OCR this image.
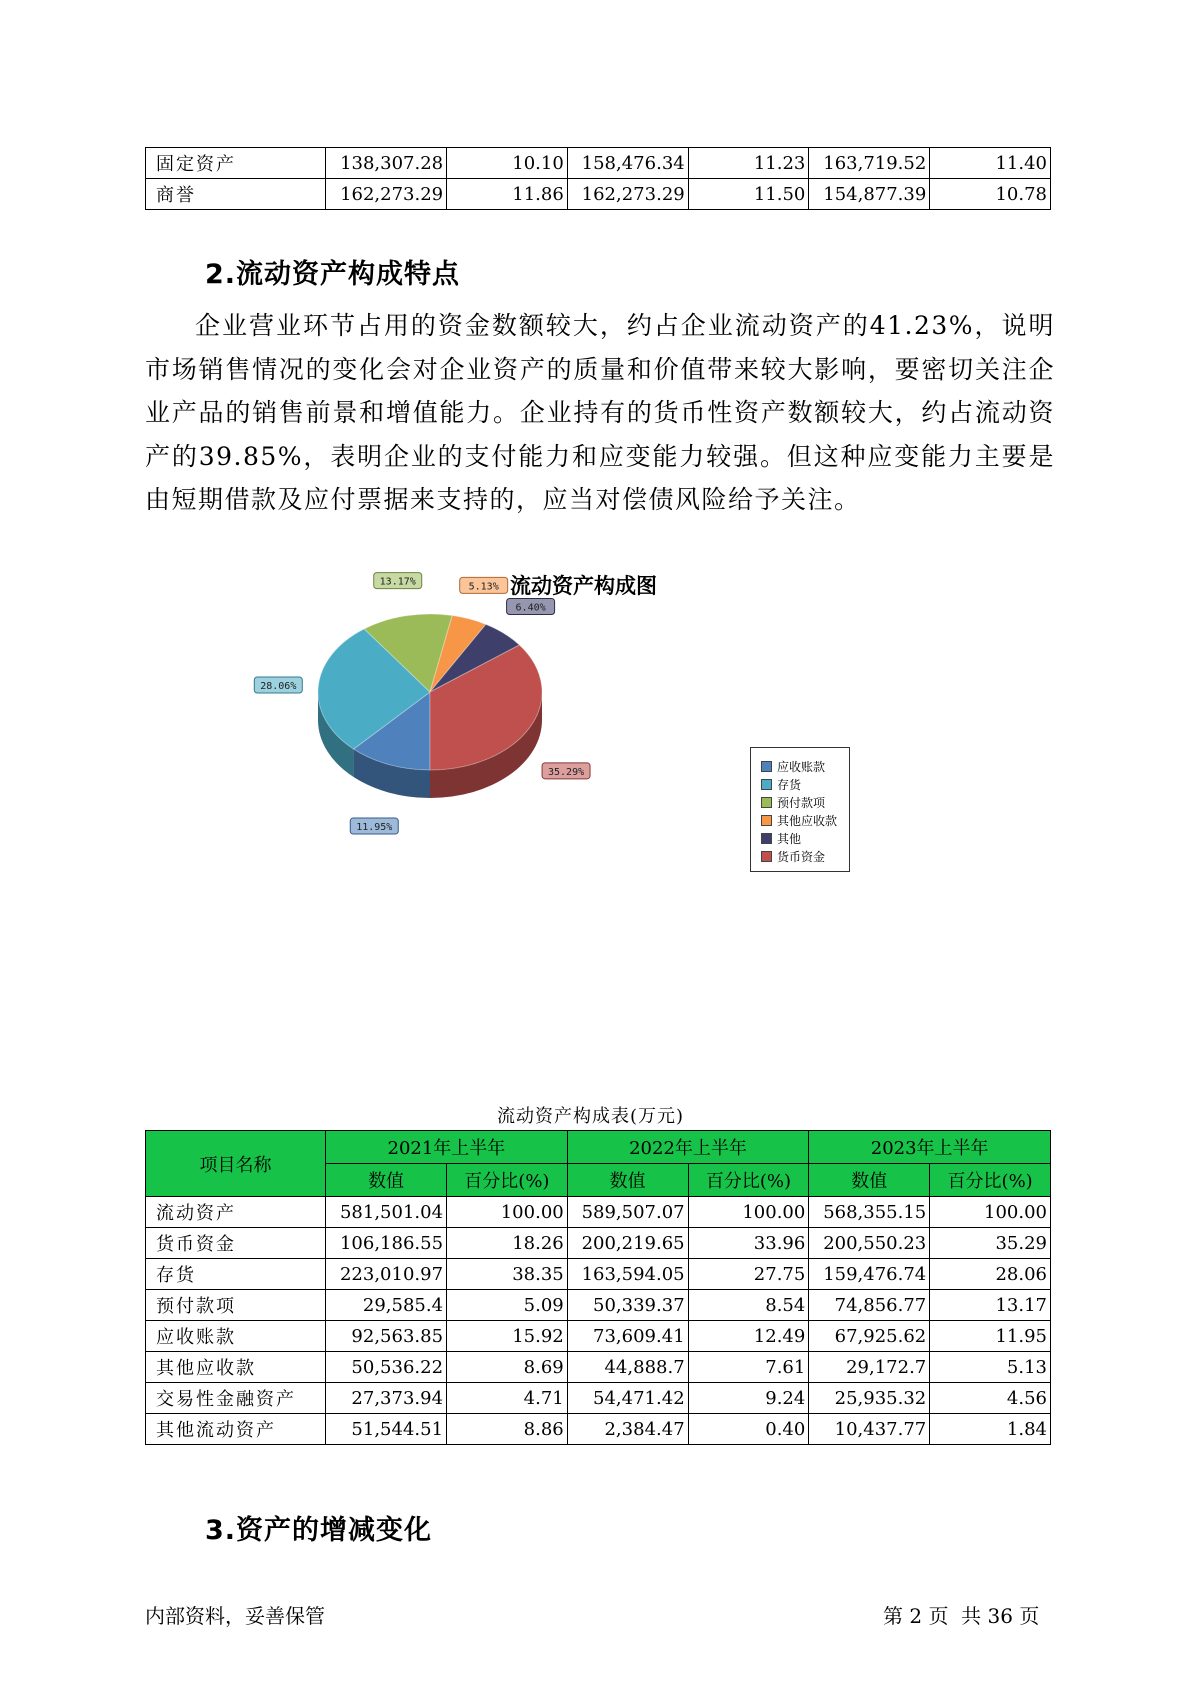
固定资产	138,307.28	10.10	158,476.34	11.23	163,719.52	11.40
商誉	162,273.29	11.86	162,273.29	11.50	154,877.39	10.78
2.流动资产构成特点

企业营业环节占用的资金数额较大，约占企业流动资产的41.23%，说明市场销售情况的变化会对企业资产的质量和价值带来较大影响，要密切关注企业产品的销售前景和增值能力。企业持有的货币性资产数额较大，约占流动资产的39.85%，表明企业的支付能力和应变能力较强。但这种应变能力主要是由短期借款及应付票据来支持的，应当对偿债风险给予关注。

流动资产构成图
11.95%
28.06%
13.17%	5.13%
6.40%
35.29%	应收账款
存货
预付款项
其他应收款
其他
货币资金
流动资产构成表(万元)
项目名称	2021年上半年		2022年上半年		2023年上半年	
	数值	百分比(%)	数值	百分比(%)	数值	百分比(%)
流动资产	581,501.04	100.00	589,507.07	100.00	568,355.15	100.00
货币资金	106,186.55	18.26	200,219.65	33.96	200,550.23	35.29
存货	223,010.97	38.35	163,594.05	27.75	159,476.74	28.06
预付款项	29,585.4	5.09	50,339.37	8.54	74,856.77	13.17
应收账款	92,563.85	15.92	73,609.41	12.49	67,925.62	11.95
其他应收款	50,536.22	8.69	44,888.7	7.61	29,172.7	5.13
交易性金融资产	27,373.94	4.71	54,471.42	9.24	25,935.32	4.56
其他流动资产	51,544.51	8.86	2,384.47	0.40	10,437.77	1.84
3.资产的增减变化
内部资料，妥善保管	第 2 页  共 36 页
